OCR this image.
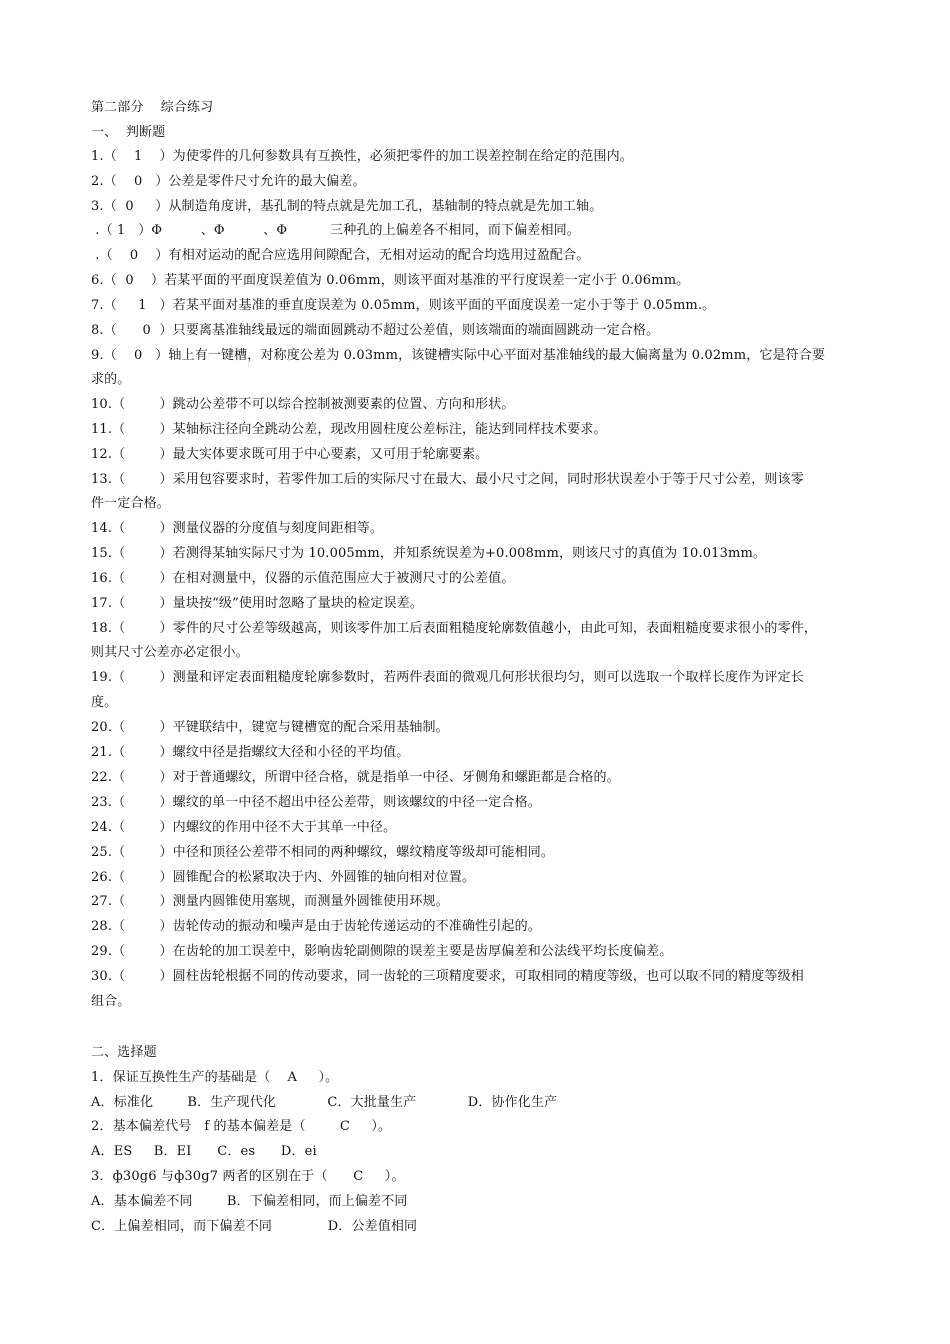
第二部分    综合练习
一、  判断题
1.（    1    ）为使零件的几何参数具有互换性，必须把零件的加工误差控制在给定的范围内。
2.（    0   ）公差是零件尺寸允许的最大偏差。
3.（  0     ）从制造角度讲，基孔制的特点就是先加工孔，基轴制的特点就是先加工轴。
.（ 1   ）Φ         、Φ         、Φ          三种孔的上偏差各不相同，而下偏差相同。
.（    0    ）有相对运动的配合应选用间隙配合，无相对运动的配合均选用过盈配合。
6.（  0    ）若某平面的平面度误差值为 0.06mm，则该平面对基准的平行度误差一定小于 0.06mm。
7.（     1   ）若某平面对基准的垂直度误差为 0.05mm，则该平面的平面度误差一定小于等于 0.05mm.。
8.（      0  ）只要离基准轴线最远的端面圆跳动不超过公差值，则该端面的端面圆跳动一定合格。
9.（    0   ）轴上有一键槽，对称度公差为 0.03mm，该键槽实际中心平面对基准轴线的最大偏离量为 0.02mm，它是符合要
求的。
10.（        ）跳动公差带不可以综合控制被测要素的位置、方向和形状。
11.（        ）某轴标注径向全跳动公差，现改用圆柱度公差标注，能达到同样技术要求。
12.（        ）最大实体要求既可用于中心要素，又可用于轮廓要素。
13.（        ）采用包容要求时，若零件加工后的实际尺寸在最大、最小尺寸之间，同时形状误差小于等于尺寸公差，则该零
件一定合格。
14.（        ）测量仪器的分度值与刻度间距相等。
15.（        ）若测得某轴实际尺寸为 10.005mm，并知系统误差为+0.008mm，则该尺寸的真值为 10.013mm。
16.（        ）在相对测量中，仪器的示值范围应大于被测尺寸的公差值。
17.（        ）量块按“级”使用时忽略了量块的检定误差。
18.（        ）零件的尺寸公差等级越高，则该零件加工后表面粗糙度轮廓数值越小，由此可知，表面粗糙度要求很小的零件，
则其尺寸公差亦必定很小。
19.（        ）测量和评定表面粗糙度轮廓参数时，若两件表面的微观几何形状很均匀，则可以选取一个取样长度作为评定长
度。
20.（        ）平键联结中，键宽与键槽宽的配合采用基轴制。
21.（        ）螺纹中径是指螺纹大径和小径的平均值。
22.（        ）对于普通螺纹，所谓中径合格，就是指单一中径、牙侧角和螺距都是合格的。
23.（        ）螺纹的单一中径不超出中径公差带，则该螺纹的中径一定合格。
24.（        ）内螺纹的作用中径不大于其单一中径。
25.（        ）中径和顶径公差带不相同的两种螺纹，螺纹精度等级却可能相同。
26.（        ）圆锥配合的松紧取决于内、外圆锥的轴向相对位置。
27.（        ）测量内圆锥使用塞规，而测量外圆锥使用环规。
28.（        ）齿轮传动的振动和噪声是由于齿轮传递运动的不准确性引起的。
29.（        ）在齿轮的加工误差中，影响齿轮副侧隙的误差主要是齿厚偏差和公法线平均长度偏差。
30.（        ）圆柱齿轮根据不同的传动要求，同一齿轮的三项精度要求，可取相同的精度等级，也可以取不同的精度等级相
组合。
二、选择题
1．保证互换性生产的基础是（    A     ）。
A．标准化        B．生产现代化            C．大批量生产            D．协作化生产
2．基本偏差代号   f 的基本偏差是（        C     ）。
A．ES     B．EI      C．es      D．ei
3．ф30g6 与ф30g7 两者的区别在于（      C     ）。
A．基本偏差不同        B．下偏差相同，而上偏差不同
C．上偏差相同，而下偏差不同             D．公差值相同
